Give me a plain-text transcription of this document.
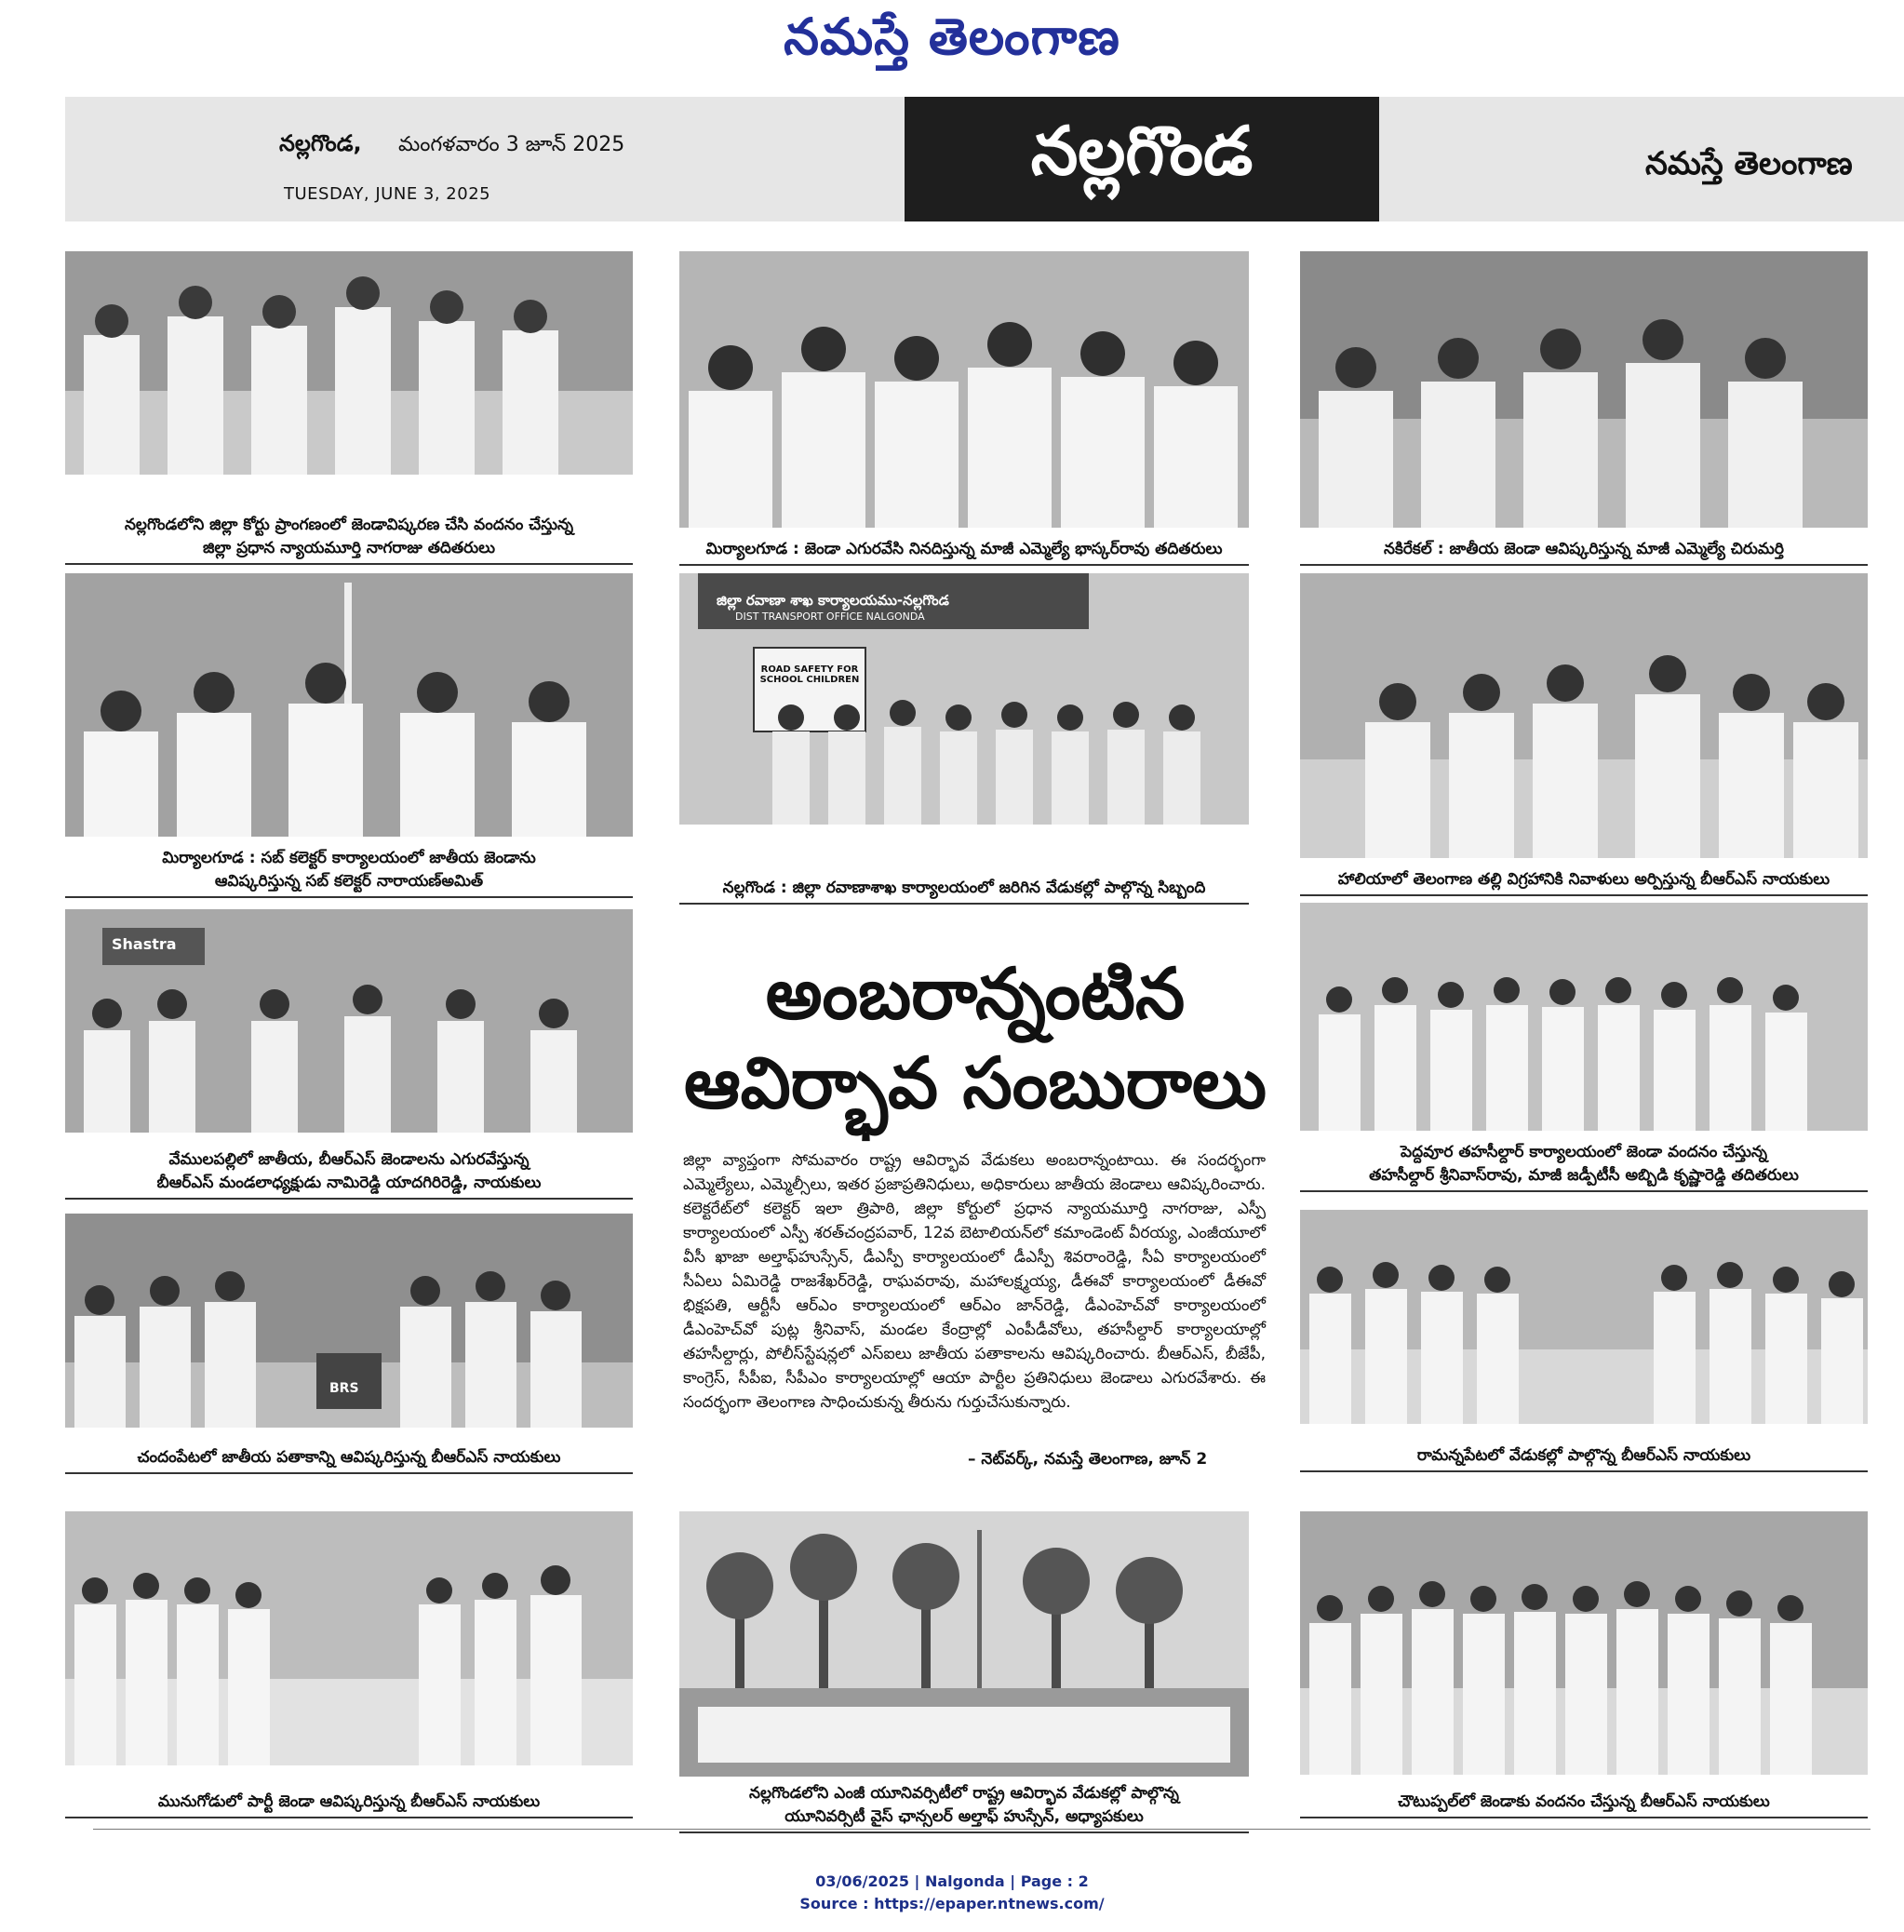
నమస్తే తెలంగాణ
నల్లగొండ, మంగళవారం 3 జూన్ 2025
TUESDAY, JUNE 3, 2025
నల్లగొండ	నమస్తే తెలంగాణ
జిల్లా రవాణా శాఖ కార్యాలయము-నల్లగొండ
DIST TRANSPORT OFFICE NALGONDA
ROAD SAFETY FOR SCHOOL CHILDREN
Shastra
BRS
నల్లగొండలోని జిల్లా కోర్టు ప్రాంగణంలో జెండావిష్కరణ చేసి వందనం చేస్తున్న
జిల్లా ప్రధాన న్యాయమూర్తి నాగరాజు తదితరులు	మిర్యాలగూడ : జెండా ఎగురవేసి నినదిస్తున్న మాజీ ఎమ్మెల్యే భాస్కర్‌రావు తదితరులు	నకిరేకల్ : జాతీయ జెండా ఆవిష్కరిస్తున్న మాజీ ఎమ్మెల్యే చిరుమర్తి
మిర్యాలగూడ : సబ్ కలెక్టర్ కార్యాలయంలో జాతీయ జెండాను
ఆవిష్కరిస్తున్న సబ్ కలెక్టర్ నారాయణ్‌అమిత్	నల్లగొండ : జిల్లా రవాణాశాఖ కార్యాలయంలో జరిగిన వేడుకల్లో పాల్గొన్న సిబ్బంది	హాలియాలో తెలంగాణ తల్లి విగ్రహానికి నివాళులు అర్పిస్తున్న బీఆర్‌ఎస్ నాయకులు
వేములపల్లిలో జాతీయ, బీఆర్‌ఎస్ జెండాలను ఎగురవేస్తున్న
బీఆర్‌ఎస్ మండలాధ్యక్షుడు నామిరెడ్డి యాదగిరిరెడ్డి, నాయకులు
పెద్దవూర తహసీల్దార్ కార్యాలయంలో జెండా వందనం చేస్తున్న
తహసీల్దార్ శ్రీనివాస్‌రావు, మాజీ జడ్పీటీసీ అబ్బిడి కృష్ణారెడ్డి తదితరులు
చందంపేటలో జాతీయ పతాకాన్ని ఆవిష్కరిస్తున్న బీఆర్‌ఎస్ నాయకులు	రామన్నపేటలో వేడుకల్లో పాల్గొన్న బీఆర్‌ఎస్ నాయకులు
మునుగోడులో పార్టీ జెండా ఆవిష్కరిస్తున్న బీఆర్‌ఎస్ నాయకులు	నల్లగొండలోని ఎంజీ యూనివర్సిటీలో రాష్ట్ర ఆవిర్భావ వేడుకల్లో పాల్గొన్న
యూనివర్సిటీ వైస్ ఛాన్సలర్ అల్తాఫ్ హుస్సేన్, అధ్యాపకులు
చౌటుప్పల్‌లో జెండాకు వందనం చేస్తున్న బీఆర్‌ఎస్ నాయకులు
అంబరాన్నంటిన
ఆవిర్భావ సంబురాలు
జిల్లా వ్యాప్తంగా సోమవారం రాష్ట్ర ఆవిర్భావ వేడుకలు అంబరాన్నంటాయి. ఈ సందర్భంగా ఎమ్మెల్యేలు, ఎమ్మెల్సీలు, ఇతర ప్రజాప్రతినిధులు, అధికారులు జాతీయ జెండాలు ఆవిష్కరించారు. కలెక్టరేట్‌లో కలెక్టర్ ఇలా త్రిపాఠి, జిల్లా కోర్టులో ప్రధాన న్యాయమూర్తి నాగరాజు, ఎస్పీ కార్యాలయంలో ఎస్పీ శరత్‌చంద్రపవార్, 12వ బెటాలియన్‌లో కమాండెంట్ వీరయ్య, ఎంజీయూలో వీసీ ఖాజా అల్తాఫ్‌హుస్సేన్, డీఎస్పీ కార్యాలయంలో డీఎస్పీ శివరాంరెడ్డి, సీఏ కార్యాలయంలో సీఏలు ఏమిరెడ్డి రాజశేఖర్‌రెడ్డి, రాఘవరావు, మహాలక్ష్మయ్య, డీఈవో కార్యాలయంలో డీఈవో భిక్షపతి, ఆర్టీసీ ఆర్‌ఎం కార్యాలయంలో ఆర్‌ఎం జాన్‌రెడ్డి, డీఎంహెచ్‌వో కార్యాలయంలో డీఎంహెచ్‌వో పుట్ల శ్రీనివాస్, మండల కేంద్రాల్లో ఎంపీడీవోలు, తహసీల్దార్ కార్యాలయాల్లో తహసీల్దార్లు, పోలీస్‌స్టేషన్లలో ఎస్‌ఐలు జాతీయ పతాకాలను ఆవిష్కరించారు. బీఆర్‌ఎస్, బీజేపీ, కాంగ్రెస్, సీపీఐ, సీపీఎం కార్యాలయాల్లో ఆయా పార్టీల ప్రతినిధులు జెండాలు ఎగురవేశారు. ఈ సందర్భంగా తెలంగాణ సాధించుకున్న తీరును గుర్తుచేసుకున్నారు.
– నెట్‌వర్క్, నమస్తే తెలంగాణ, జూన్ 2
03/06/2025 | Nalgonda | Page : 2
Source : https://epaper.ntnews.com/
